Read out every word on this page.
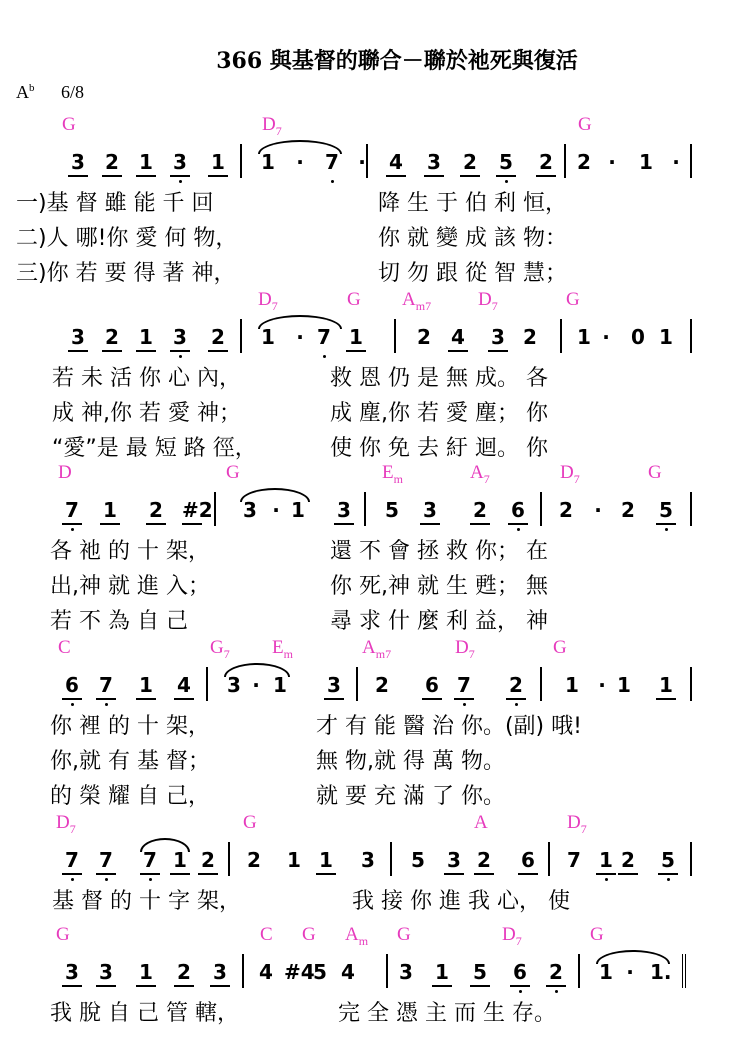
366 與基督的聯合－聯於祂死與復活
$A^b$ 6/8
G	$D_7$	G
3 2 1 3 1 1	·	7 ·	4 3 2 5 2 2 ·	1 ·
一)基 督 雖 能 千 回	降 生 于 伯 利 恒，
二)人 哪!你 愛 何 物，	你 就 變 成 該 物：
三)你 若 要 得 著 神，	切 勿 跟 從 智 慧；
$D_7$	G $A_{m7}$ $D_7$	G
3 2 1 3 2 1	· 7 1	2 4 3 2 1 ·	0 1
若 未 活 你 心 內，	救 恩 仍 是 無 成。 各
成 神,你 若 愛 神；	成 塵,你 若 愛 塵； 你
“愛”是 最 短 路 徑，	使 你 免 去 紆 迴。 你
D	G	$E_m$	$A_7$	$D_7$	G
7 1 2 #2 3 · 1 3 5 3 2 6 2	· 2 5
各 祂 的 十 架，	還 不 會 拯 救 你； 在
出,神 就 進 入；	你 死,神 就 生 甦； 無
若 不 為 自 己	尋 求 什 麼 利 益， 神
C	$G_7$ $E_m$	$A_{m7}$	$D_7$	G
6 7 1 4 3 · 1 3 2 6 7 2 1 · 1 1
你 裡 的 十 架，	才 有 能 醫 治 你。(副) 哦!
你,就 有 基 督；	無 物,就 得 萬 物。
的 榮 耀 自 己，	就 要 充 滿 了 你。
$D_7$	G	A	$D_7$
7 7 7 1 2 2 1 1 3 5 3 2 6 7 1 2 5
基 督 的 十 字 架，	我 接 你 進 我 心， 使
G	C G $A_m$ G	$D_7$	G
3 3 1 2 3 4 #4
5 4 3 1 5 6 2 1 · 1.
我 脫 自 己 管 轄，	完 全 憑 主 而 生 存。
